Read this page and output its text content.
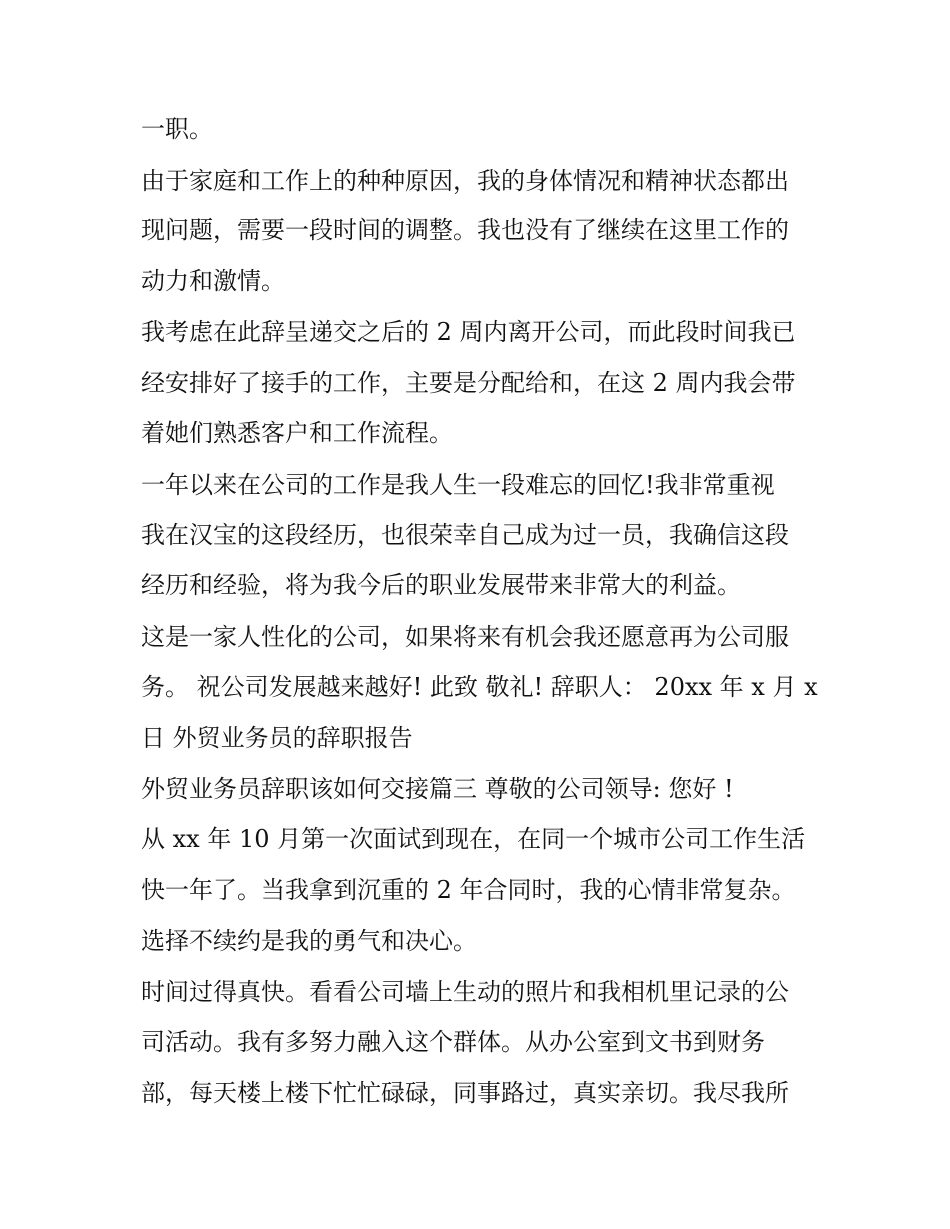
一职。

由于家庭和工作上的种种原因，我的身体情况和精神状态都出

现问题，需要一段时间的调整。我也没有了继续在这里工作的

动力和激情。

我考虑在此辞呈递交之后的 2 周内离开公司，而此段时间我已

经安排好了接手的工作，主要是分配给和，在这 2 周内我会带

着她们熟悉客户和工作流程。

一年以来在公司的工作是我人生一段难忘的回忆!我非常重视

我在汉宝的这段经历，也很荣幸自己成为过一员，我确信这段

经历和经验，将为我今后的职业发展带来非常大的利益。

这是一家人性化的公司，如果将来有机会我还愿意再为公司服

务。 祝公司发展越来越好! 此致 敬礼! 辞职人： 20xx 年 x 月 x

日 外贸业务员的辞职报告

外贸业务员辞职该如何交接篇三 尊敬的公司领导: 您好 !

从 xx 年 10 月第一次面试到现在，在同一个城市公司工作生活

快一年了。当我拿到沉重的 2 年合同时，我的心情非常复杂。

选择不续约是我的勇气和决心。

时间过得真快。看看公司墙上生动的照片和我相机里记录的公

司活动。我有多努力融入这个群体。从办公室到文书到财务

部，每天楼上楼下忙忙碌碌，同事路过，真实亲切。我尽我所
